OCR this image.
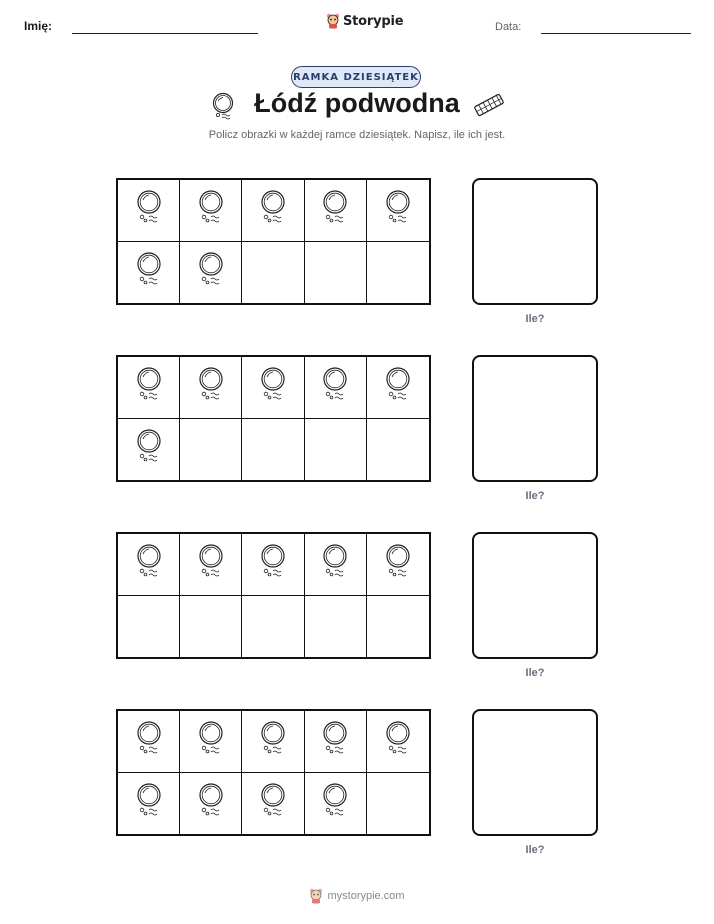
Imię:	Storypie	Data:
RAMKA DZIESIĄTEK
Łódź podwodna
Policz obrazki w każdej ramce dziesiątek. Napisz, ile ich jest.
Ile?
Ile?
Ile?
Ile?
mystorypie.com
